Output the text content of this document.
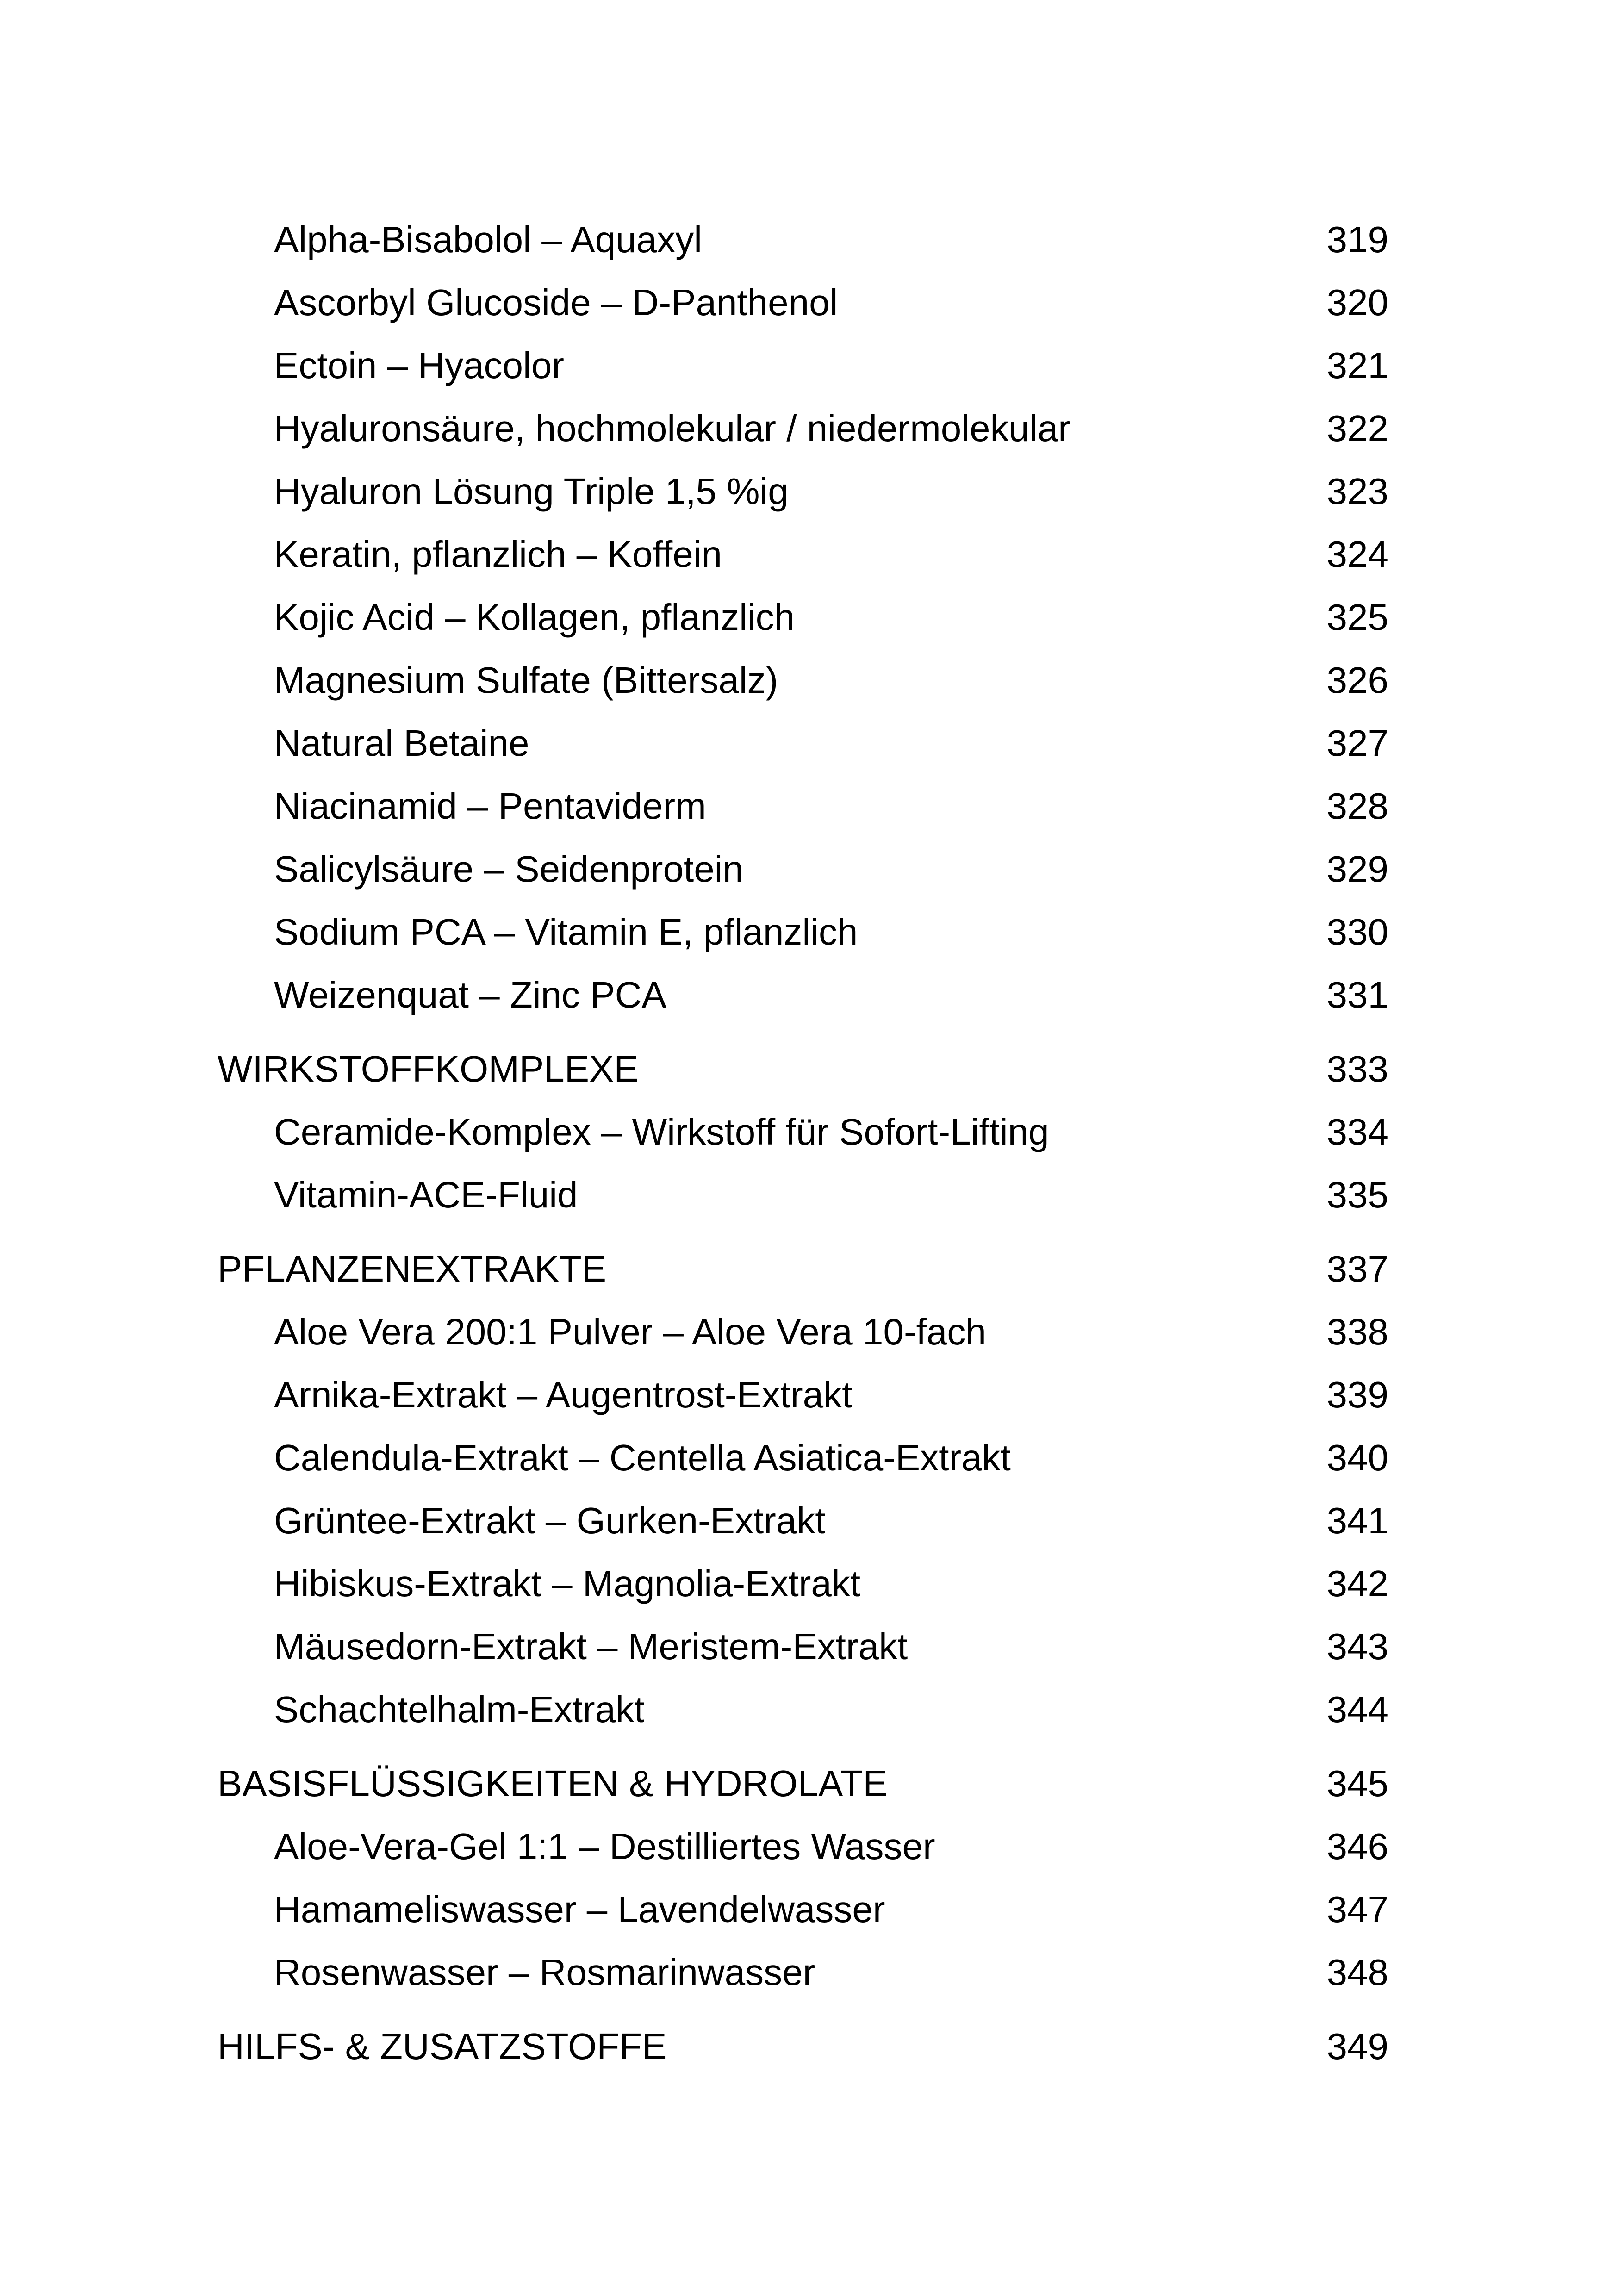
Alpha-Bisabolol – Aquaxyl	319
Ascorbyl Glucoside – D-Panthenol	320
Ectoin – Hyacolor	321
Hyaluronsäure, hochmolekular / niedermolekular	322
Hyaluron Lösung Triple 1,5 %ig	323
Keratin, pflanzlich – Koffein	324
Kojic Acid – Kollagen, pflanzlich	325
Magnesium Sulfate (Bittersalz)	326
Natural Betaine	327
Niacinamid – Pentaviderm	328
Salicylsäure – Seidenprotein	329
Sodium PCA – Vitamin E, pflanzlich	330
Weizenquat – Zinc PCA	331
WIRKSTOFFKOMPLEXE	333
Ceramide-Komplex – Wirkstoff für Sofort-Lifting	334
Vitamin-ACE-Fluid	335
PFLANZENEXTRAKTE	337
Aloe Vera 200:1 Pulver – Aloe Vera 10-fach	338
Arnika-Extrakt – Augentrost-Extrakt	339
Calendula-Extrakt – Centella Asiatica-Extrakt	340
Grüntee-Extrakt – Gurken-Extrakt	341
Hibiskus-Extrakt – Magnolia-Extrakt	342
Mäusedorn-Extrakt – Meristem-Extrakt	343
Schachtelhalm-Extrakt	344
BASISFLÜSSIGKEITEN & HYDROLATE	345
Aloe-Vera-Gel 1:1 – Destilliertes Wasser	346
Hamameliswasser – Lavendelwasser	347
Rosenwasser – Rosmarinwasser	348
HILFS- & ZUSATZSTOFFE	349
